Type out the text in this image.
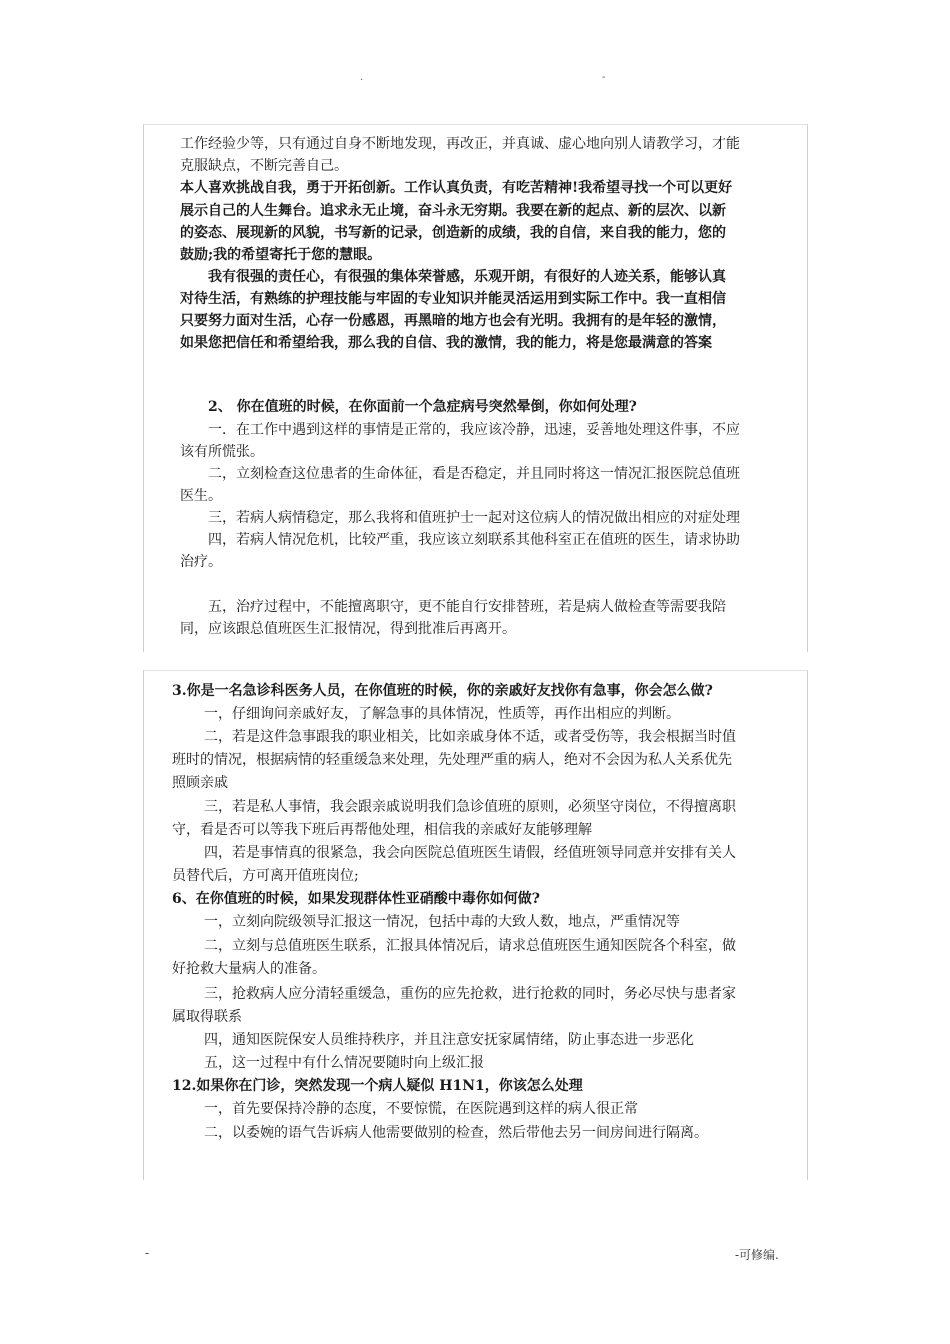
.	-
工作经验少等，只有通过自身不断地发现，再改正，并真诚、虚心地向别人请教学习，才能
克服缺点，不断完善自己。
本人喜欢挑战自我，勇于开拓创新。工作认真负责，有吃苦精神!我希望寻找一个可以更好
展示自己的人生舞台。追求永无止境，奋斗永无穷期。我要在新的起点、新的层次、以新
的姿态、展现新的风貌，书写新的记录，创造新的成绩，我的自信，来自我的能力，您的
鼓励;我的希望寄托于您的慧眼。
我有很强的责任心，有很强的集体荣誉感，乐观开朗，有很好的人迹关系，能够认真
对待生活，有熟练的护理技能与牢固的专业知识并能灵活运用到实际工作中。我一直相信
只要努力面对生活，心存一份感恩，再黑暗的地方也会有光明。我拥有的是年轻的激情，
如果您把信任和希望给我，那么我的自信、我的激情，我的能力，将是您最满意的答案
2、 你在值班的时候，在你面前一个急症病号突然晕倒，你如何处理?
一．在工作中遇到这样的事情是正常的，我应该冷静，迅速，妥善地处理这件事，不应
该有所慌张。
二，立刻检查这位患者的生命体征，看是否稳定，并且同时将这一情况汇报医院总值班
医生。
三，若病人病情稳定，那么我将和值班护士一起对这位病人的情况做出相应的对症处理
四，若病人情况危机，比较严重，我应该立刻联系其他科室正在值班的医生，请求协助
治疗。
五，治疗过程中，不能擅离职守，更不能自行安排替班，若是病人做检查等需要我陪
同，应该跟总值班医生汇报情况，得到批准后再离开。
3.你是一名急诊科医务人员，在你值班的时候，你的亲戚好友找你有急事，你会怎么做?
一，仔细询问亲戚好友，了解急事的具体情况，性质等，再作出相应的判断。
二，若是这件急事跟我的职业相关，比如亲戚身体不适，或者受伤等，我会根据当时值
班时的情况，根据病情的轻重缓急来处理，先处理严重的病人，绝对不会因为私人关系优先
照顾亲戚
三，若是私人事情，我会跟亲戚说明我们急诊值班的原则，必须坚守岗位，不得擅离职
守，看是否可以等我下班后再帮他处理，相信我的亲戚好友能够理解
四，若是事情真的很紧急，我会向医院总值班医生请假，经值班领导同意并安排有关人
员替代后，方可离开值班岗位;
6、在你值班的时候，如果发现群体性亚硝酸中毒你如何做?
一，立刻向院级领导汇报这一情况，包括中毒的大致人数，地点，严重情况等
二，立刻与总值班医生联系，汇报具体情况后，请求总值班医生通知医院各个科室，做
好抢救大量病人的准备。
三，抢救病人应分清轻重缓急，重伤的应先抢救，进行抢救的同时，务必尽快与患者家
属取得联系
四，通知医院保安人员维持秩序，并且注意安抚家属情绪，防止事态进一步恶化
五，这一过程中有什么情况要随时向上级汇报
12.如果你在门诊，突然发现一个病人疑似 H1N1，你该怎么处理
一，首先要保持冷静的态度，不要惊慌，在医院遇到这样的病人很正常
二，以委婉的语气告诉病人他需要做别的检查，然后带他去另一间房间进行隔离。
-	-可修编.
